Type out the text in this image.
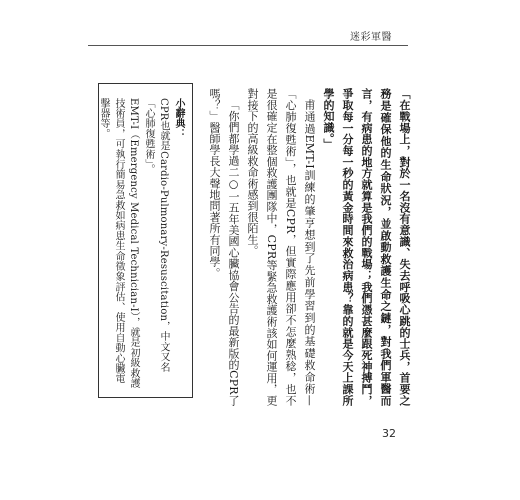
迷彩軍醫

「在戰場上，對於一名沒有意識、失去呼吸心跳的士兵，首要之務是確保他的生命狀況，並啟動救護生命之鏈，對我們軍醫而言，有病患的地方就算是我們的戰場；我們憑甚麼跟死神搏鬥，爭取每一分每一秒的黃金時間來救治病患？靠的就是今天上課所學的知識。」

甫通過EMT-I訓練的肇亨想到了先前學習到的基礎救命術—「心肺復甦術」，也就是CPR，但實際應用卻不怎麼熟稔，也不是很確定在整個救護團隊中，CPR等緊急救護術該如何運用，更對接下的高級救命術感到很陌生。

「你們都學過二○一五年美國心臟協會公告的最新版的CPR了嗎？」醫師學長大聲地問著所有同學。

小辭典：

CPR也就是Cardio-Pulmonary-Resuscitation，中文又名「心肺復甦術」。

EMT-I（Emergency Medical Technician-I），就是初級救護技術員，可執行簡易急救如病患生命徵象評估、使用自動心臟電擊器等。

32
